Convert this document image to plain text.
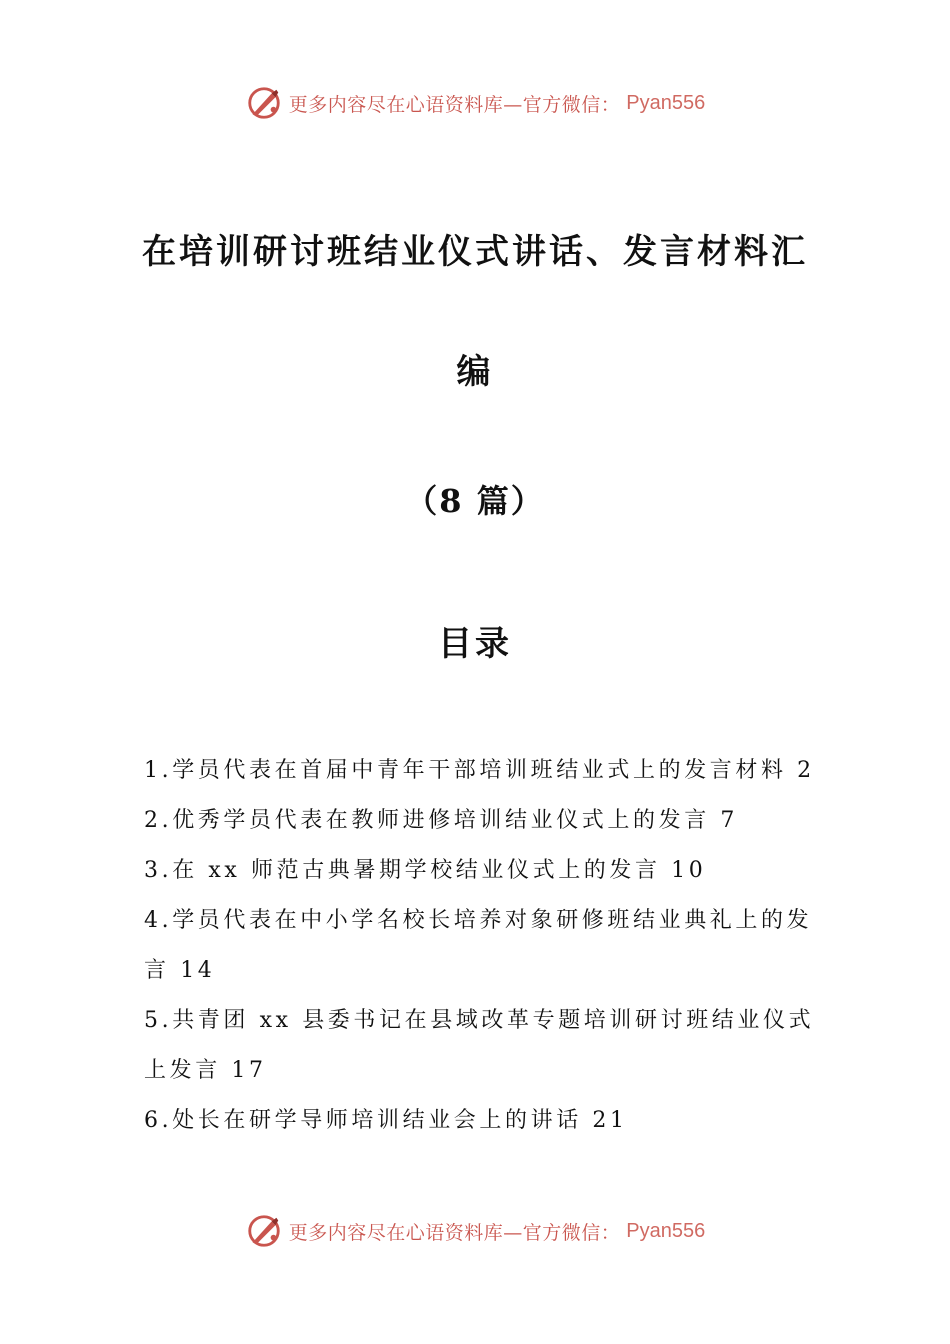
更多内容尽在心语资料库—官方微信： Pyan556
在培训研讨班结业仪式讲话、发言材料汇
编
（8 篇）
目录
1.学员代表在首届中青年干部培训班结业式上的发言材料 2
2.优秀学员代表在教师进修培训结业仪式上的发言 7
3.在 xx 师范古典暑期学校结业仪式上的发言 10
4.学员代表在中小学名校长培养对象研修班结业典礼上的发
言 14
5.共青团 xx 县委书记在县域改革专题培训研讨班结业仪式
上发言 17
6.处长在研学导师培训结业会上的讲话 21
更多内容尽在心语资料库—官方微信： Pyan556
